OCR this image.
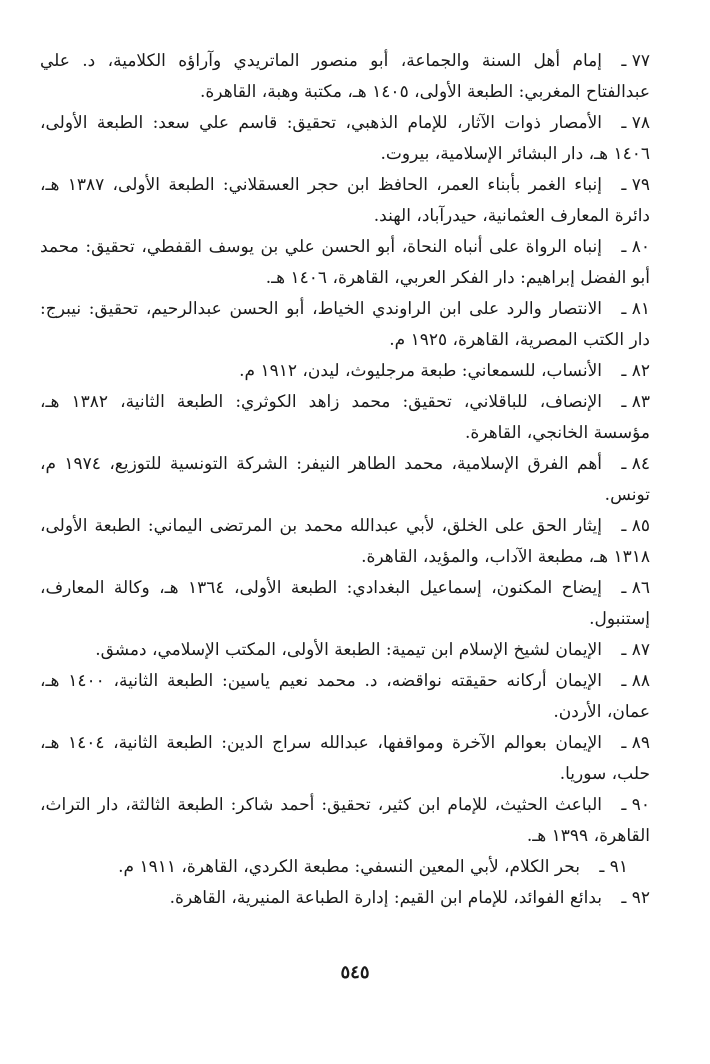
٧٧ ـإمام أهل السنة والجماعة، أبو منصور الماتريدي وآراؤه الكلامية، د. علي عبدالفتاح المغربي: الطبعة الأولى، ١٤٠٥ هـ، مكتبة وهبة، القاهرة.

٧٨ ـالأمصار ذوات الآثار، للإمام الذهبي، تحقيق: قاسم علي سعد: الطبعة الأولى، ١٤٠٦ هـ، دار البشائر الإسلامية، بيروت.

٧٩ ـإنباء الغمر بأبناء العمر، الحافظ ابن حجر العسقلاني: الطبعة الأولى، ١٣٨٧ هـ، دائرة المعارف العثمانية، حيدرآباد، الهند.

٨٠ ـإنباه الرواة على أنباه النحاة، أبو الحسن علي بن يوسف القفطي، تحقيق: محمد أبو الفضل إبراهيم: دار الفكر العربي، القاهرة، ١٤٠٦ هـ.

٨١ ـالانتصار والرد على ابن الراوندي الخياط، أبو الحسن عبدالرحيم، تحقيق: نيبرج: دار الكتب المصرية، القاهرة، ١٩٢٥ م.

٨٢ ـالأنساب، للسمعاني: طبعة مرجليوث، ليدن، ١٩١٢ م.

٨٣ ـالإنصاف، للباقلاني، تحقيق: محمد زاهد الكوثري: الطبعة الثانية، ١٣٨٢ هـ، مؤسسة الخانجي، القاهرة.

٨٤ ـأهم الفرق الإسلامية، محمد الطاهر النيفر: الشركة التونسية للتوزيع، ١٩٧٤ م، تونس.

٨٥ ـإيثار الحق على الخلق، لأبي عبدالله محمد بن المرتضى اليماني: الطبعة الأولى، ١٣١٨ هـ، مطبعة الآداب، والمؤيد، القاهرة.

٨٦ ـإيضاح المكنون، إسماعيل البغدادي: الطبعة الأولى، ١٣٦٤ هـ، وكالة المعارف، إستنبول.

٨٧ ـالإيمان لشيخ الإسلام ابن تيمية: الطبعة الأولى، المكتب الإسلامي، دمشق.

٨٨ ـالإيمان أركانه حقيقته نواقضه، د. محمد نعيم ياسين: الطبعة الثانية، ١٤٠٠ هـ، عمان، الأردن.

٨٩ ـالإيمان بعوالم الآخرة ومواقفها، عبدالله سراج الدين: الطبعة الثانية، ١٤٠٤ هـ، حلب، سوريا.

٩٠ ـالباعث الحثيث، للإمام ابن كثير، تحقيق: أحمد شاكر: الطبعة الثالثة، دار التراث، القاهرة، ١٣٩٩ هـ.

٩١ ـبحر الكلام، لأبي المعين النسفي: مطبعة الكردي، القاهرة، ١٩١١ م.

٩٢ ـبدائع الفوائد، للإمام ابن القيم: إدارة الطباعة المنيرية، القاهرة.

٥٤٥
